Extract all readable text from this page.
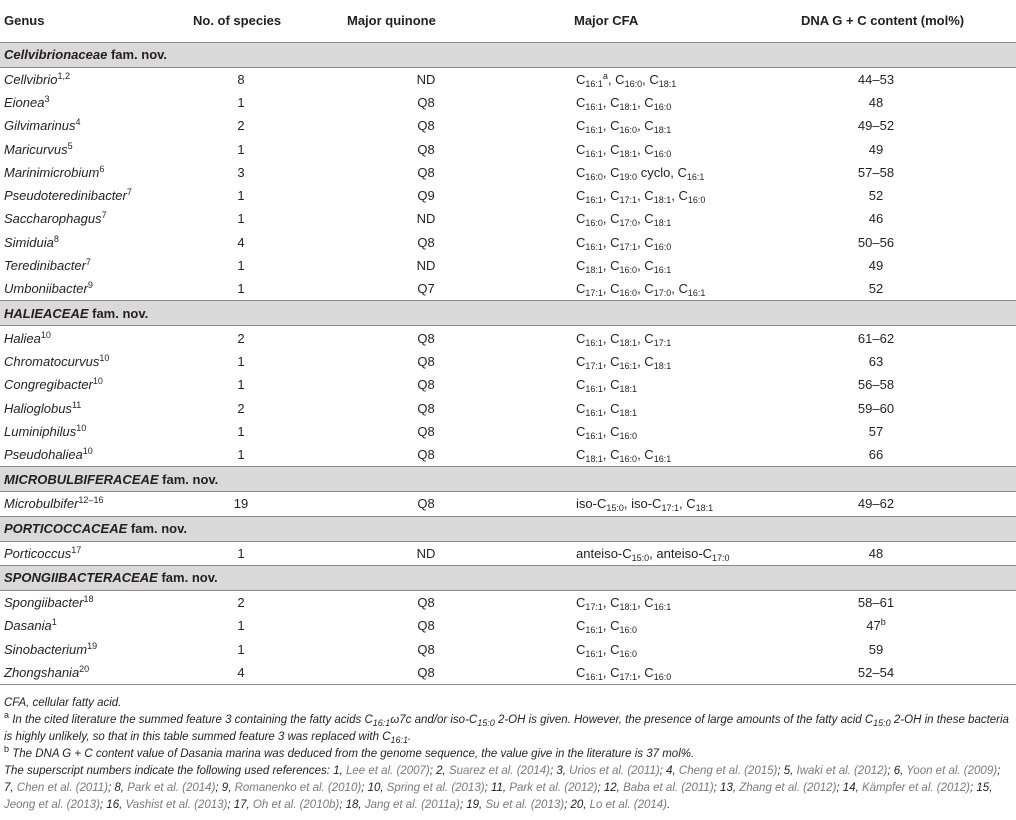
Genus	No. of species	Major quinone	Major CFA	DNA G + C content (mol%)
Cellvibrionaceae fam. nov.				
Cellvibrio$^{1,2}$	8	ND	$C_{16:1}^a$, $C_{16:0}$, $C_{18:1}$	44–53
Eionea$^3$	1	Q8	$C_{16:1}$, $C_{18:1}$, $C_{16:0}$	48
Gilvimarinus$^4$	2	Q8	$C_{16:1}$, $C_{16:0}$, $C_{18:1}$	49–52
Maricurvus$^5$	1	Q8	$C_{16:1}$, $C_{18:1}$, $C_{16:0}$	49
Marinimicrobium$^6$	3	Q8	$C_{16:0}$, $C_{19:0}$ cyclo, $C_{16:1}$	57–58
Pseudoteredinibacter$^7$	1	Q9	$C_{16:1}$, $C_{17:1}$, $C_{18:1}$, $C_{16:0}$	52
Saccharophagus$^7$	1	ND	$C_{16:0}$, $C_{17:0}$, $C_{18:1}$	46
Simiduia$^8$	4	Q8	$C_{16:1}$, $C_{17:1}$, $C_{16:0}$	50–56
Teredinibacter$^7$	1	ND	$C_{18:1}$, $C_{16:0}$, $C_{16:1}$	49
Umboniibacter$^9$	1	Q7	$C_{17:1}$, $C_{16:0}$, $C_{17:0}$, $C_{16:1}$	52
HALIEACEAE fam. nov.				
Haliea$^{10}$	2	Q8	$C_{16:1}$, $C_{18:1}$, $C_{17:1}$	61–62
Chromatocurvus$^{10}$	1	Q8	$C_{17:1}$, $C_{16:1}$, $C_{18:1}$	63
Congregibacter$^{10}$	1	Q8	$C_{16:1}$, $C_{18:1}$	56–58
Halioglobus$^{11}$	2	Q8	$C_{16:1}$, $C_{18:1}$	59–60
Luminiphilus$^{10}$	1	Q8	$C_{16:1}$, $C_{16:0}$	57
Pseudohaliea$^{10}$	1	Q8	$C_{18:1}$, $C_{16:0}$, $C_{16:1}$	66
MICROBULBIFERACEAE fam. nov.				
Microbulbifer$^{12-16}$	19	Q8	iso-$C_{15:0}$, iso-$C_{17:1}$, $C_{18:1}$	49–62
PORTICOCCACEAE fam. nov.				
Porticoccus$^{17}$	1	ND	anteiso-$C_{15:0}$, anteiso-$C_{17:0}$	48
SPONGIIBACTERACEAE fam. nov.				
Spongiibacter$^{18}$	2	Q8	$C_{17:1}$, $C_{18:1}$, $C_{16:1}$	58–61
Dasania$^1$	1	Q8	$C_{16:1}$, $C_{16:0}$	47$^b$
Sinobacterium$^{19}$	1	Q8	$C_{16:1}$, $C_{16:0}$	59
Zhongshania$^{20}$	4	Q8	$C_{16:1}$, $C_{17:1}$, $C_{16:0}$	52–54

CFA, cellular fatty acid.

$^a$ In the cited literature the summed feature 3 containing the fatty acids $C_{16:1}\omega 7c$ and/or iso-$C_{15:0}$ 2-OH is given. However, the presence of large amounts of the fatty acid $C_{15:0}$ 2-OH in these bacteria is highly unlikely, so that in this table summed feature 3 was replaced with $C_{16:1}$.

$^b$ The DNA G + C content value of Dasania marina was deduced from the genome sequence, the value give in the literature is 37 mol%.

The superscript numbers indicate the following used references: 1, Lee et al. (2007); 2, Suarez et al. (2014); 3, Urios et al. (2011); 4, Cheng et al. (2015); 5, Iwaki et al. (2012); 6, Yoon et al. (2009); 7, Chen et al. (2011); 8, Park et al. (2014); 9, Romanenko et al. (2010); 10, Spring et al. (2013); 11, Park et al. (2012); 12, Baba et al. (2011); 13, Zhang et al. (2012); 14, Kämpfer et al. (2012); 15, Jeong et al. (2013); 16, Vashist et al. (2013); 17, Oh et al. (2010b); 18, Jang et al. (2011a); 19, Su et al. (2013); 20, Lo et al. (2014).
